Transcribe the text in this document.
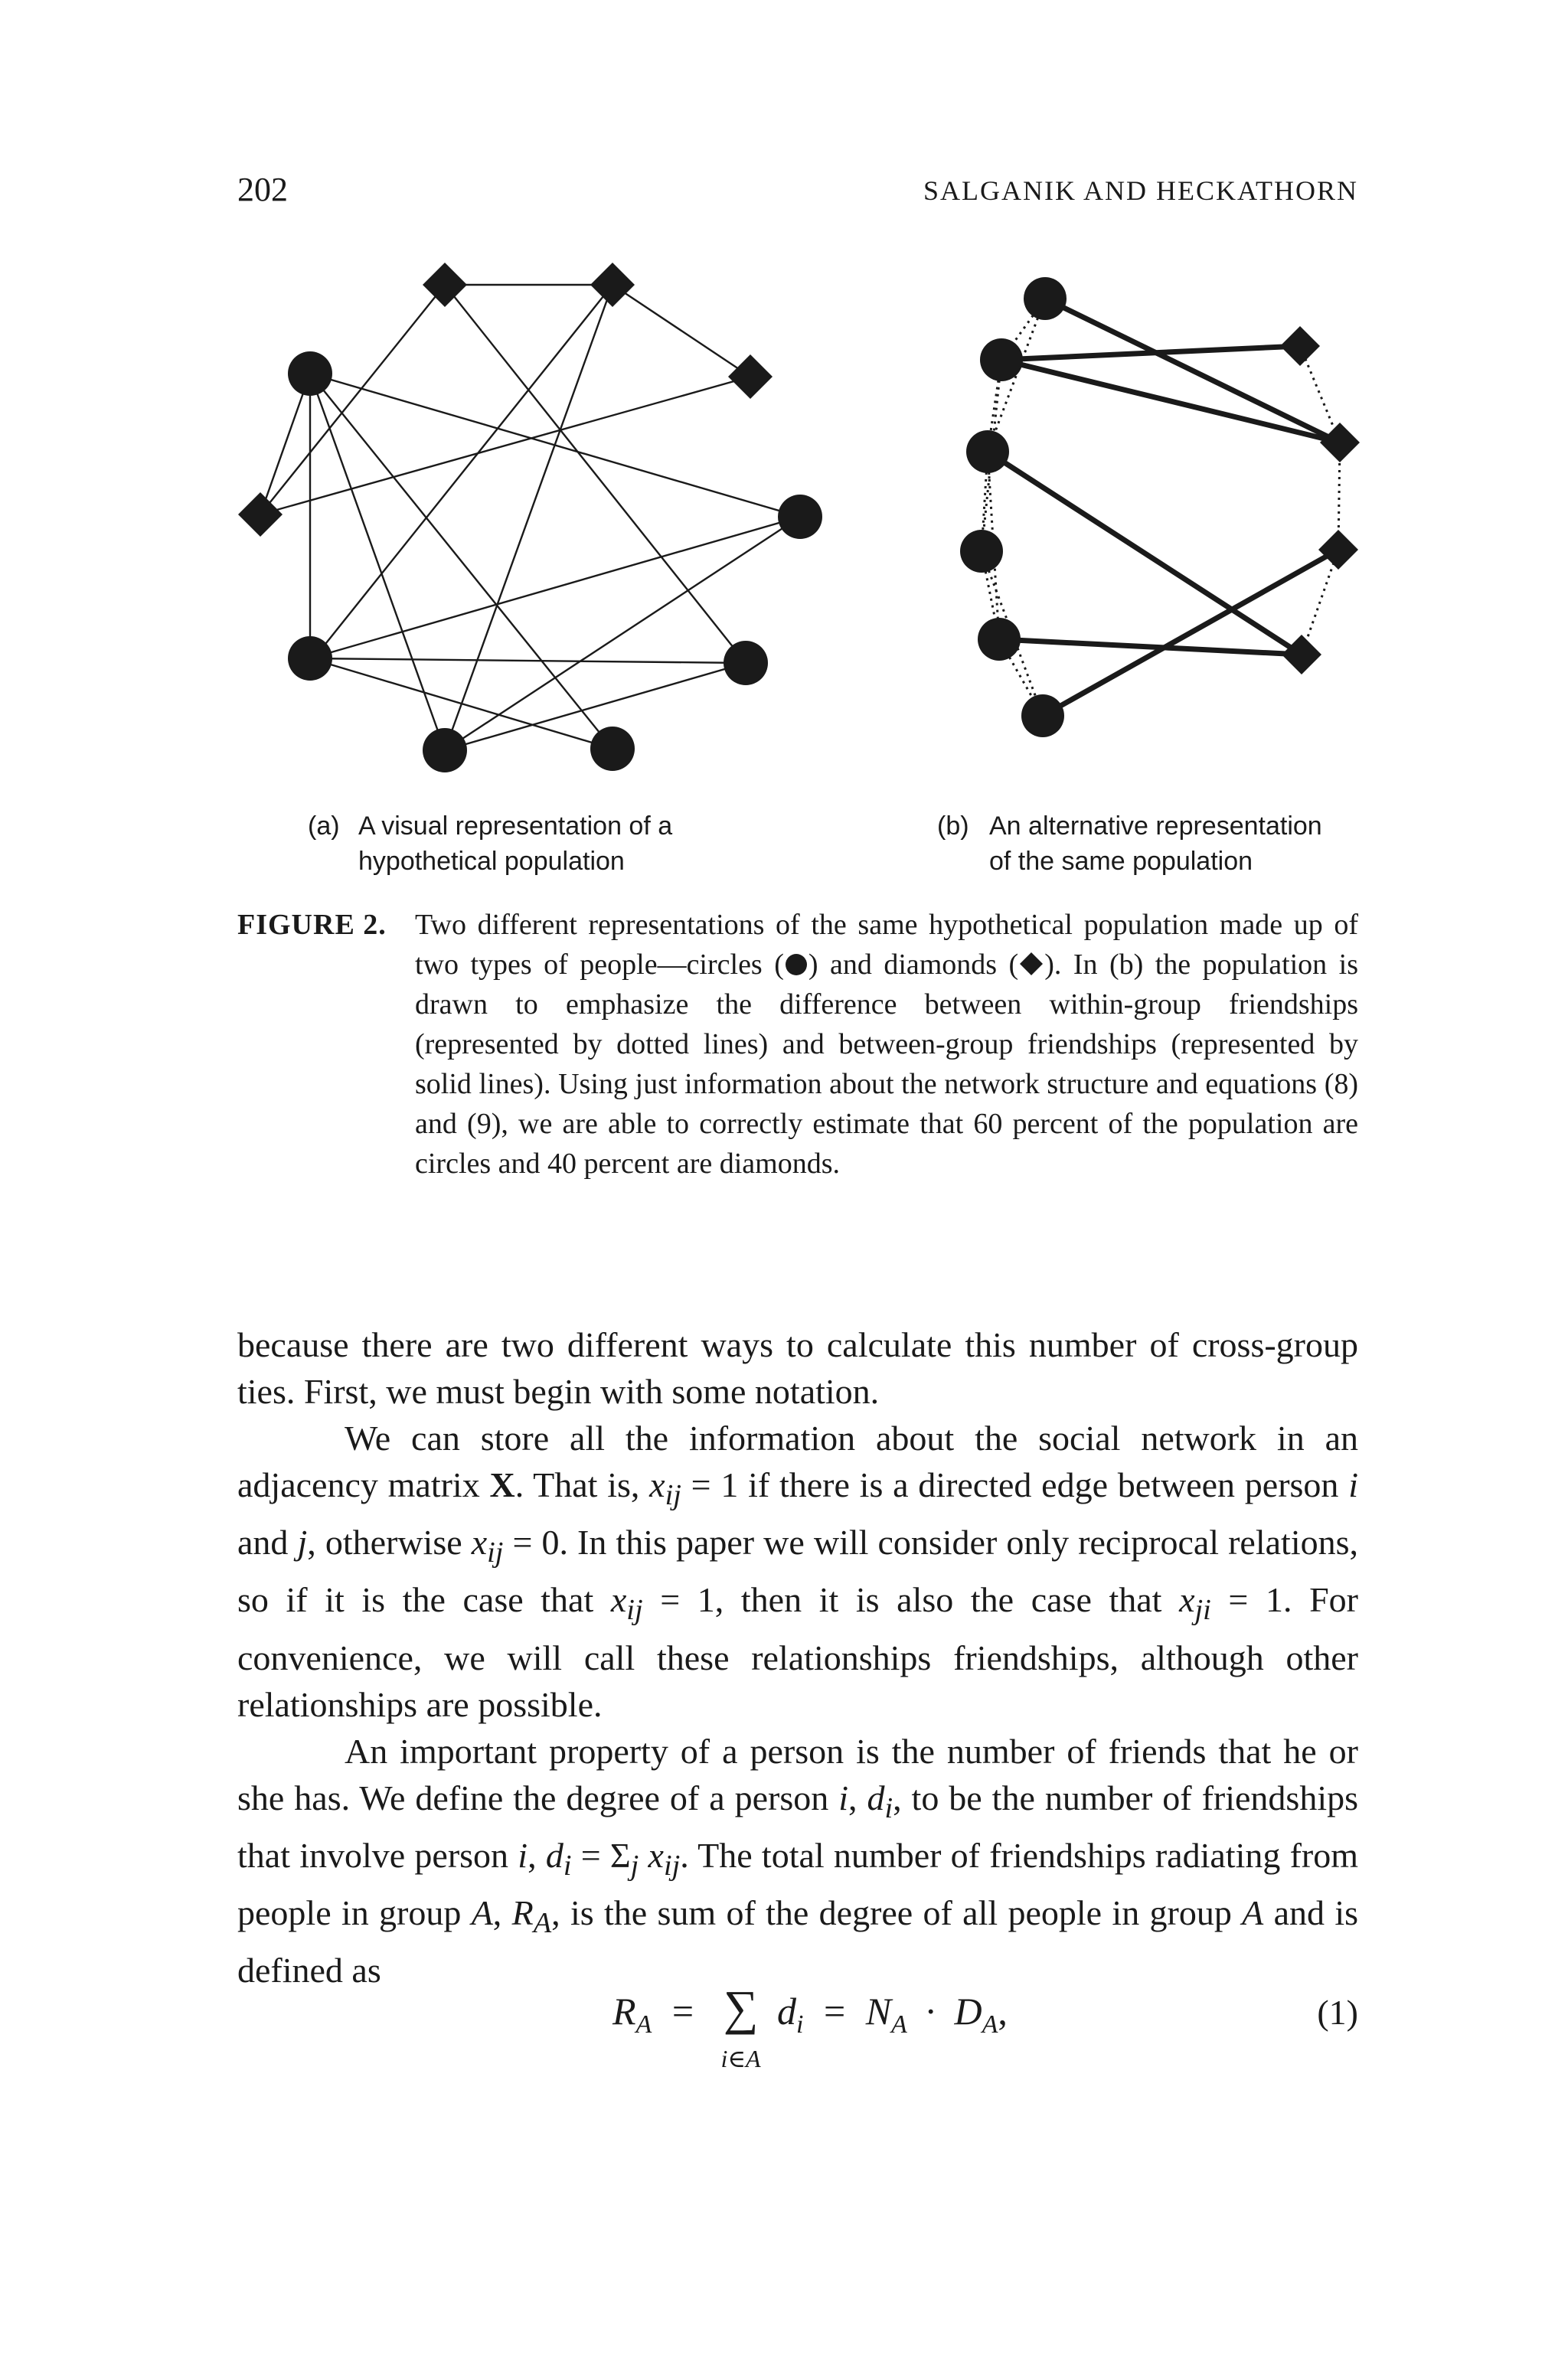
202	SALGANIK AND HECKATHORN
(a) A visual representation of a
hypothetical population
(b) An alternative representation
of the same population
FIGURE 2. Two different representations of the same hypothetical population made up of two types of people—circles ( ) and diamonds ( ). In (b) the population is drawn to emphasize the difference between within-group friendships (represented by dotted lines) and between-group friendships (represented by solid lines). Using just information about the network structure and equations (8) and (9), we are able to correctly estimate that 60 percent of the population are circles and 40 percent are diamonds.

because there are two different ways to calculate this number of cross-group ties. First, we must begin with some notation.

We can store all the information about the social network in an adjacency matrix X. That is, $x_{ij} = 1$ if there is a directed edge between person i and j, otherwise $x_{ij} = 0$. In this paper we will consider only reciprocal relations, so if it is the case that $x_{ij} = 1$, then it is also the case that $x_{ji} = 1$. For convenience, we will call these relationships friendships, although other relationships are possible.

An important property of a person is the number of friends that he or she has. We define the degree of a person i, $d_i$, to be the number of friendships that involve person i, $d_i = \Sigma_j$ $x_{ij}$. The total number of friendships radiating from people in group A, $R_A$, is the sum of the degree of all people in group A and is defined as

$R_A$ = ∑
i∈A
$d_i = N_A \cdot D_A$,	(1)
